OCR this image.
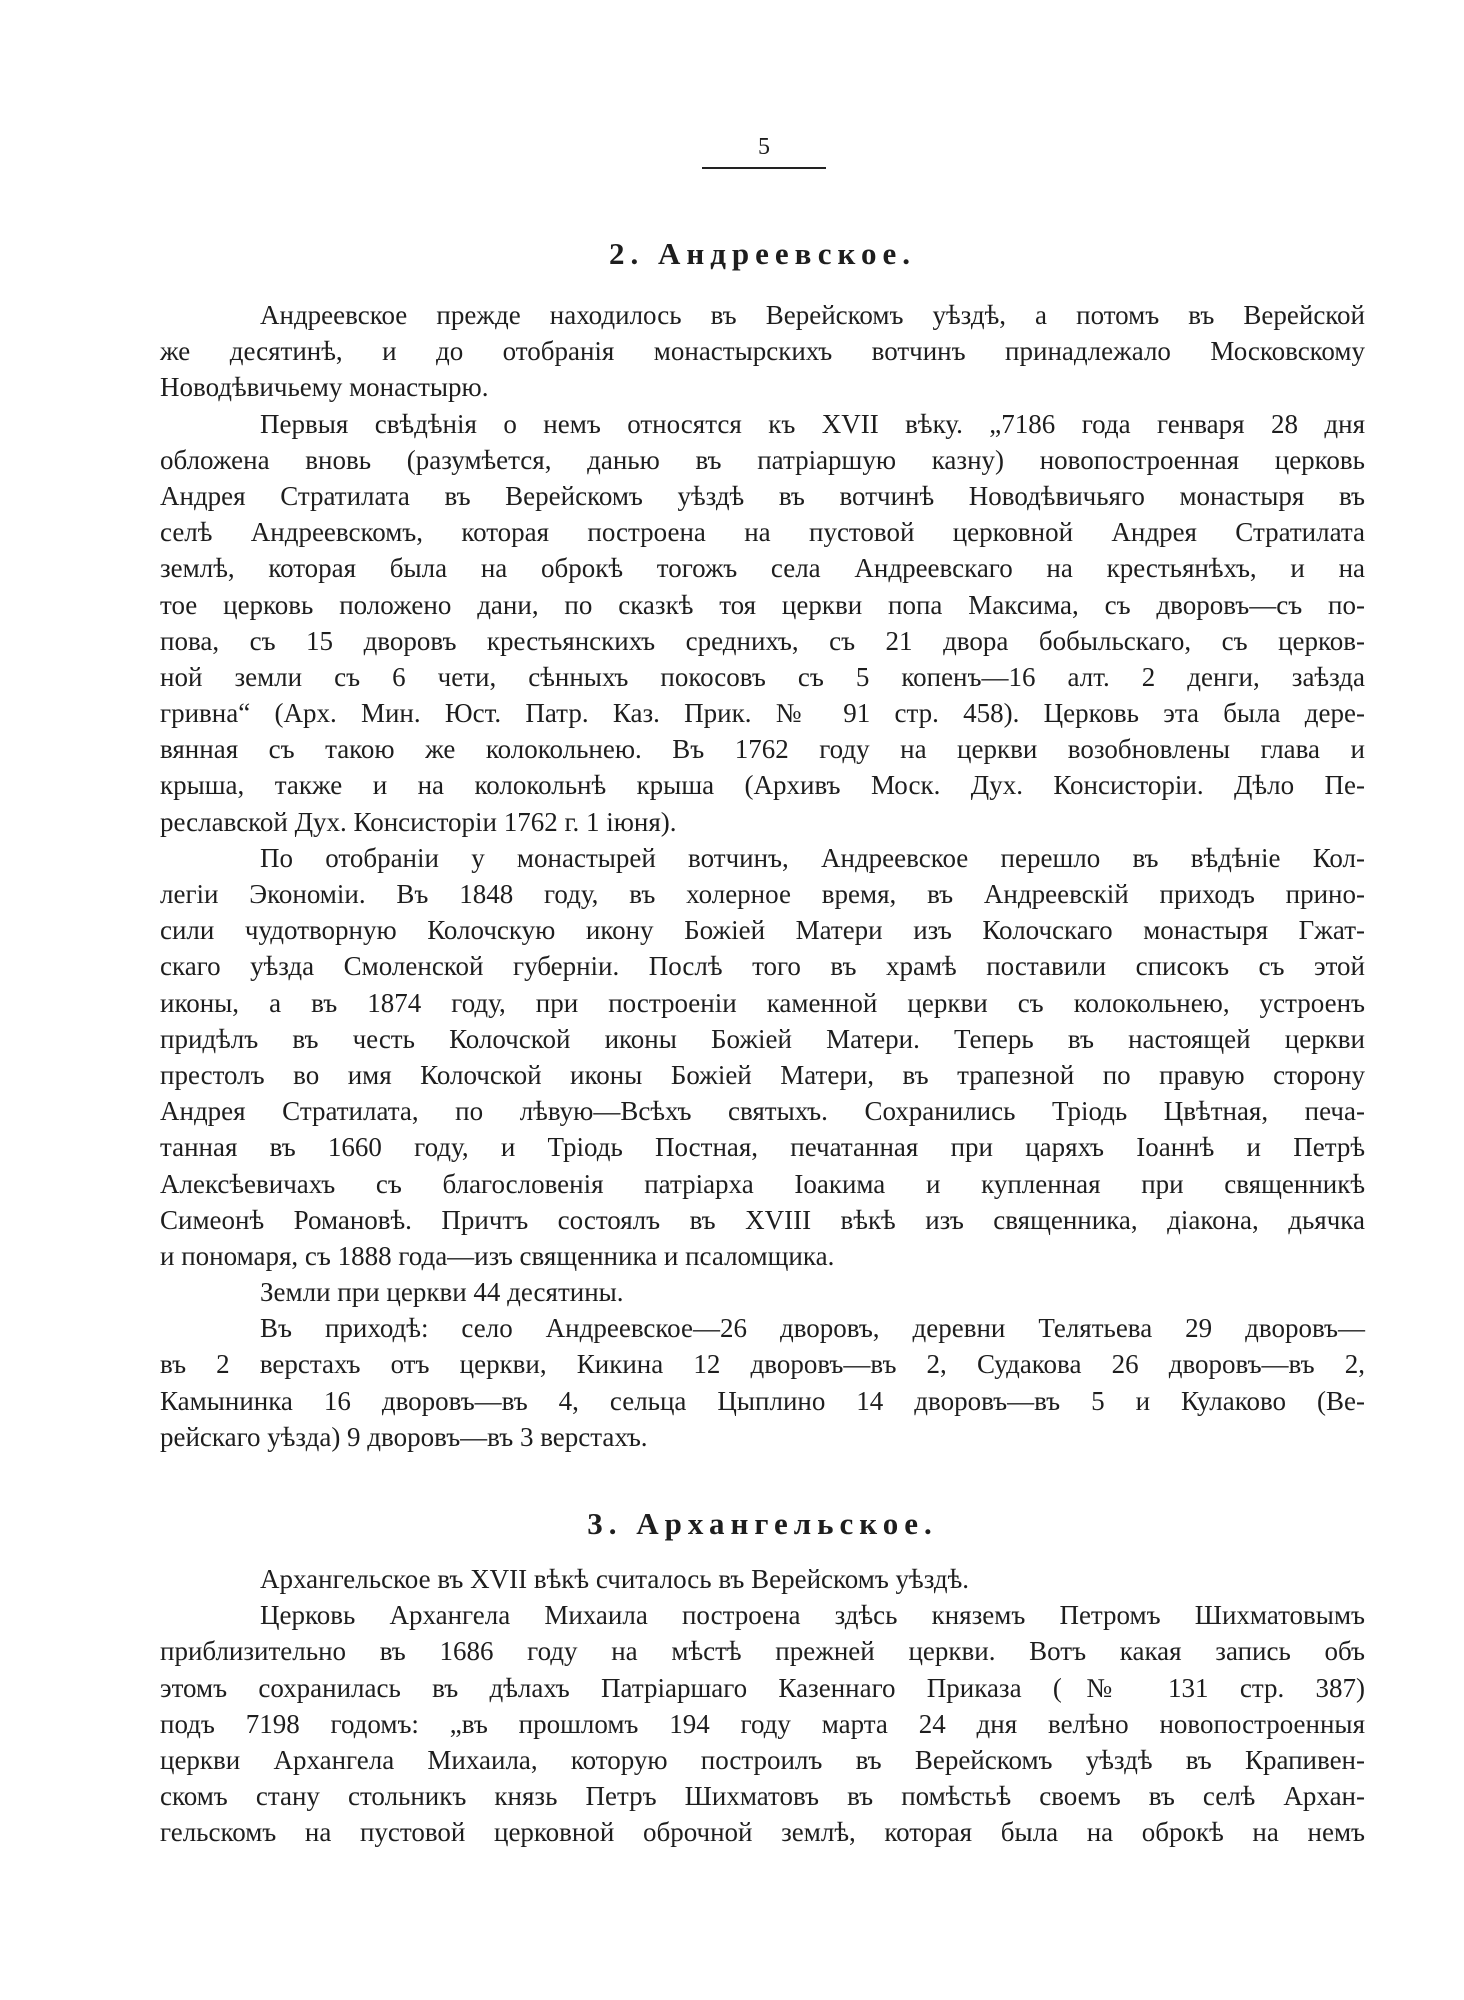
5
2. Андреевское.
Андреевское прежде находилось въ Верейскомъ уѣздѣ, а потомъ въ Верейской
же десятинѣ, и до отобранія монастырскихъ вотчинъ принадлежало Московскому
Новодѣвичьему монастырю.
Первыя свѣдѣнія о немъ относятся къ XVII вѣку. „7186 года генваря 28 дня
обложена вновь (разумѣется, данью въ патріаршую казну) новопостроенная церковь
Андрея Стратилата въ Верейскомъ уѣздѣ въ вотчинѣ Новодѣвичьяго монастыря въ
селѣ Андреевскомъ, которая построена на пустовой церковной Андрея Стратилата
землѣ, которая была на оброкѣ тогожъ села Андреевскаго на крестьянѣхъ, и на
тое церковь положено дани, по сказкѣ тоя церкви попа Максима, съ дворовъ—съ по-
пова, съ 15 дворовъ крестьянскихъ среднихъ, съ 21 двора бобыльскаго, съ церков-
ной земли съ 6 чети, сѣнныхъ покосовъ съ 5 копенъ—16 алт. 2 денги, заѣзда
гривна“ (Арх. Мин. Юст. Патр. Каз. Прик. № 91 стр. 458). Церковь эта была дере-
вянная съ такою же колокольнею. Въ 1762 году на церкви возобновлены глава и
крыша, также и на колокольнѣ крыша (Архивъ Моск. Дух. Консисторіи. Дѣло Пе-
реславской Дух. Консисторіи 1762 г. 1 іюня).
По отобраніи у монастырей вотчинъ, Андреевское перешло въ вѣдѣніе Кол-
легіи Экономіи. Въ 1848 году, въ холерное время, въ Андреевскій приходъ прино-
сили чудотворную Колочскую икону Божіей Матери изъ Колочскаго монастыря Гжат-
скаго уѣзда Смоленской губерніи. Послѣ того въ храмѣ поставили списокъ съ этой
иконы, а въ 1874 году, при построеніи каменной церкви съ колокольнею, устроенъ
придѣлъ въ честь Колочской иконы Божіей Матери. Теперь въ настоящей церкви
престолъ во имя Колочской иконы Божіей Матери, въ трапезной по правую сторону
Андрея Стратилата, по лѣвую—Всѣхъ святыхъ. Сохранились Тріодь Цвѣтная, печа-
танная въ 1660 году, и Тріодь Постная, печатанная при царяхъ Іоаннѣ и Петрѣ
Алексѣевичахъ съ благословенія патріарха Іоакима и купленная при священникѣ
Симеонѣ Романовѣ. Причтъ состоялъ въ XVIII вѣкѣ изъ священника, діакона, дьячка
и пономаря, съ 1888 года—изъ священника и псаломщика.
Земли при церкви 44 десятины.
Въ приходѣ: село Андреевское—26 дворовъ, деревни Телятьева 29 дворовъ—
въ 2 верстахъ отъ церкви, Кикина 12 дворовъ—въ 2, Судакова 26 дворовъ—въ 2,
Камынинка 16 дворовъ—въ 4, сельца Цыплино 14 дворовъ—въ 5 и Кулаково (Ве-
рейскаго уѣзда) 9 дворовъ—въ 3 верстахъ.
3. Архангельское.
Архангельское въ XVII вѣкѣ считалось въ Верейскомъ уѣздѣ.
Церковь Архангела Михаила построена здѣсь княземъ Петромъ Шихматовымъ
приблизительно въ 1686 году на мѣстѣ прежней церкви. Вотъ какая запись объ
этомъ сохранилась въ дѣлахъ Патріаршаго Казеннаго Приказа (№ 131 стр. 387)
подъ 7198 годомъ: „въ прошломъ 194 году марта 24 дня велѣно новопостроенныя
церкви Архангела Михаила, которую построилъ въ Верейскомъ уѣздѣ въ Крапивен-
скомъ стану стольникъ князь Петръ Шихматовъ въ помѣстьѣ своемъ въ селѣ Архан-
гельскомъ на пустовой церковной оброчной землѣ, которая была на оброкѣ на немъ
